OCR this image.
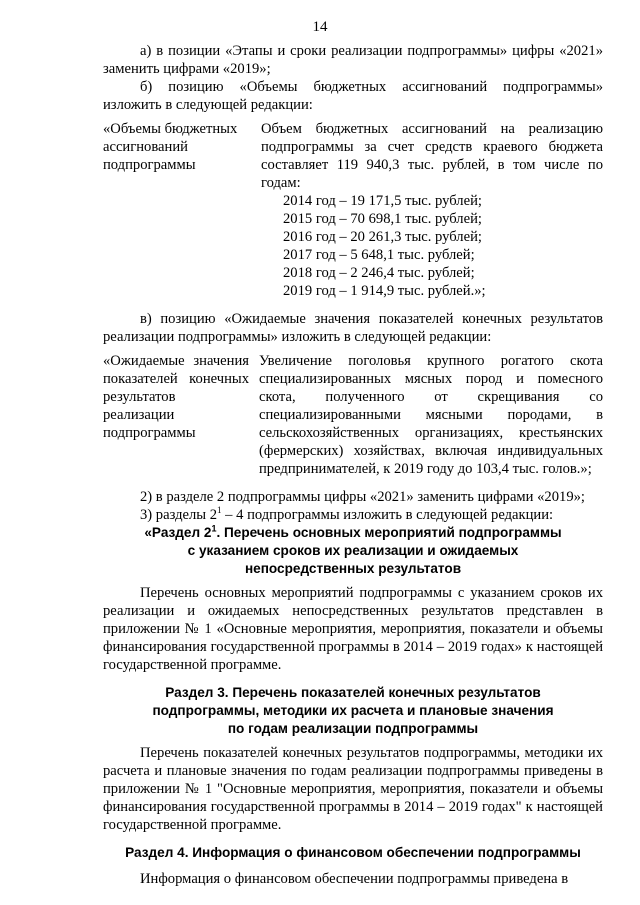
14

а) в позиции «Этапы и сроки реализации подпрограммы» цифры «2021» заменить цифрами «2019»;

б) позицию «Объемы бюджетных ассигнований подпрограммы» изложить в следующей редакции:

«Объемы бюджетных ассигнований подпрограммы

Объем бюджетных ассигнований на реализацию подпрограммы за счет средств краевого бюджета составляет 119 940,3 тыс. рублей, в том числе по годам:

2014 год – 19 171,5 тыс. рублей;
2015 год – 70 698,1 тыс. рублей;
2016 год – 20 261,3 тыс. рублей;
2017 год – 5 648,1 тыс. рублей;
2018 год – 2 246,4 тыс. рублей;
2019 год – 1 914,9 тыс. рублей.»;

в) позицию «Ожидаемые значения показателей конечных результатов реализации подпрограммы» изложить в следующей редакции:

«Ожидаемые значения показателей конечных результатов реализации подпрограммы
Увеличение поголовья крупного рогатого скота специализированных мясных пород и помесного скота, полученного от скрещивания со специализированными мясными породами, в сельскохозяйственных организациях, крестьянских (фермерских) хозяйствах, включая индивидуальных предпринимателей, к 2019 году до 103,4 тыс. голов.»;

2) в разделе 2 подпрограммы цифры «2021» заменить цифрами «2019»;

3) разделы $2^1 - 4$ подпрограммы изложить в следующей редакции:

«Раздел $2^1$. Перечень основных мероприятий подпрограммы
с указанием сроков их реализации и ожидаемых
непосредственных результатов

Перечень основных мероприятий подпрограммы с указанием сроков их реализации и ожидаемых непосредственных результатов представлен в приложении № 1 «Основные мероприятия, мероприятия, показатели и объемы финансирования государственной программы в 2014 – 2019 годах» к настоящей государственной программе.

Раздел 3. Перечень показателей конечных результатов
подпрограммы, методики их расчета и плановые значения
по годам реализации подпрограммы

Перечень показателей конечных результатов подпрограммы, методики их расчета и плановые значения по годам реализации подпрограммы приведены в приложении № 1 "Основные мероприятия, мероприятия, показатели и объемы финансирования государственной программы в 2014 – 2019 годах" к настоящей государственной программе.

Раздел 4. Информация о финансовом обеспечении подпрограммы

Информация о финансовом обеспечении подпрограммы приведена в
